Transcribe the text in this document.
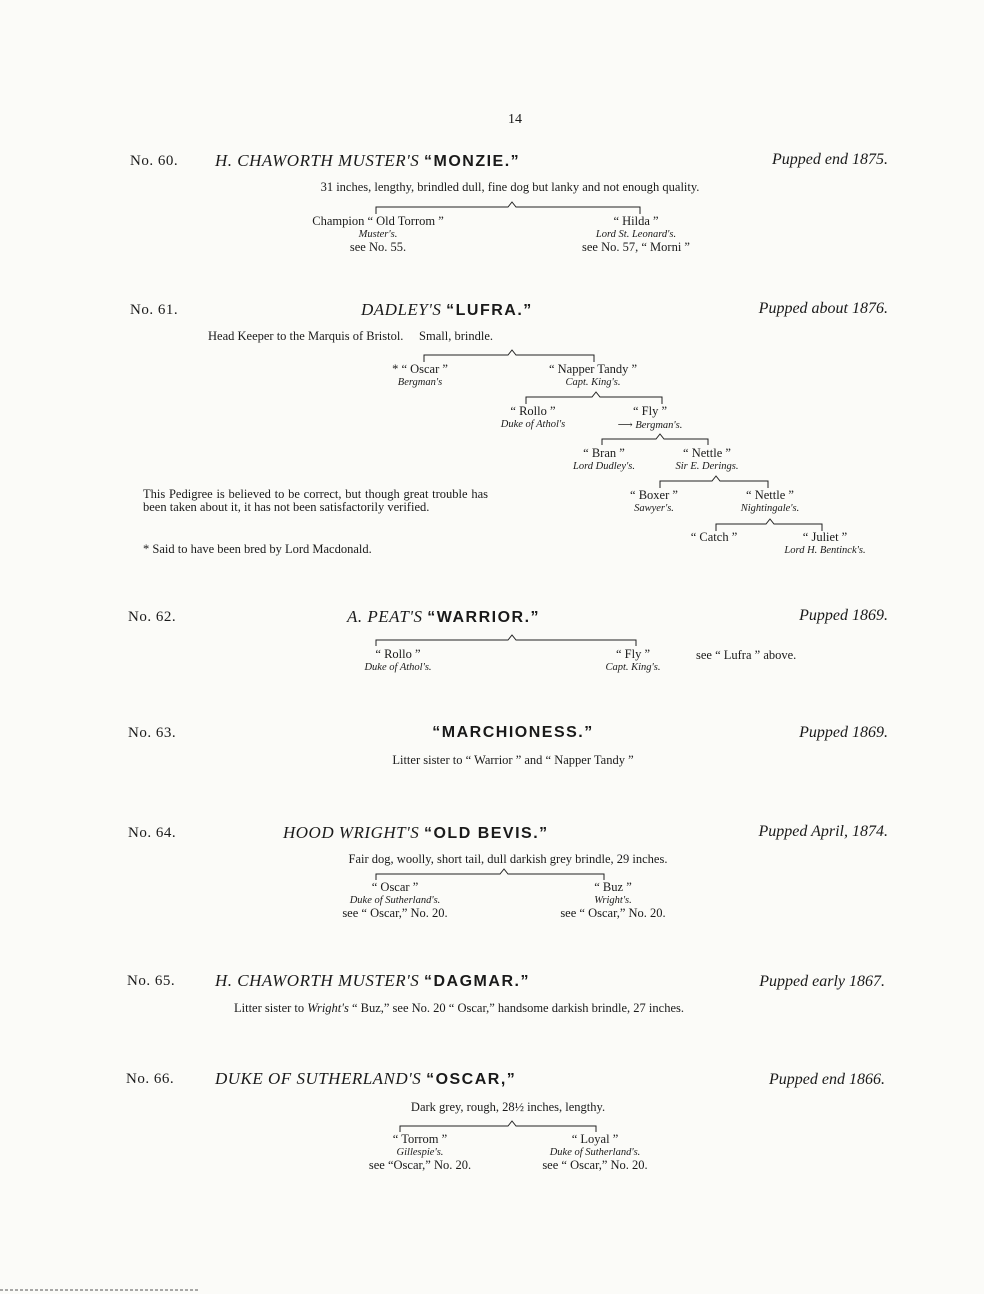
14
No. 60. H. CHAWORTH MUSTER'S “MONZIE.”	Pupped end 1875.
31 inches, lengthy, brindled dull, fine dog but lanky and not enough quality.
Champion “ Old Torrom ”
Muster's.
see No. 55.
“ Hilda ”
Lord St. Leonard's.
see No. 57, “ Morni ”
No. 61.	DADLEY'S “LUFRA.”	Pupped about 1876.
Head Keeper to the Marquis of Bristol.     Small, brindle.
* “ Oscar ”
Bergman's
“ Napper Tandy ”
Capt. King's.
“ Rollo ”
Duke of Athol's
“ Fly ”
⟶ Bergman's.
“ Bran ”
Lord Dudley's.
“ Nettle ”
Sir E. Derings.
“ Boxer ”
Sawyer's.
“ Nettle ”
Nightingale's.
“ Catch ”	“ Juliet ”
Lord H. Bentinck's.
This Pedigree is believed to be correct, but though great trouble has been taken about it, it has not been satisfactorily verified.
* Said to have been bred by Lord Macdonald.
No. 62.	A. PEAT'S “WARRIOR.”	Pupped 1869.
“ Rollo ”
Duke of Athol's.
“ Fly ”
Capt. King's.
see “ Lufra ” above.
No. 63.	“MARCHIONESS.”	Pupped 1869.
Litter sister to “ Warrior ” and “ Napper Tandy ”
No. 64.	HOOD WRIGHT'S “OLD BEVIS.”	Pupped April, 1874.
Fair dog, woolly, short tail, dull darkish grey brindle, 29 inches.
“ Oscar ”
Duke of Sutherland's.
see “ Oscar,” No. 20.
“ Buz ”
Wright's.
see “ Oscar,” No. 20.
No. 65. H. CHAWORTH MUSTER'S “DAGMAR.”	Pupped early 1867.
Litter sister to Wright's “ Buz,” see No. 20 “ Oscar,” handsome darkish brindle, 27 inches.
No. 66. DUKE OF SUTHERLAND'S “OSCAR,”	Pupped end 1866.
Dark grey, rough, 28½ inches, lengthy.
“ Torrom ”
Gillespie's.
see “Oscar,” No. 20.
“ Loyal ”
Duke of Sutherland's.
see “ Oscar,” No. 20.
